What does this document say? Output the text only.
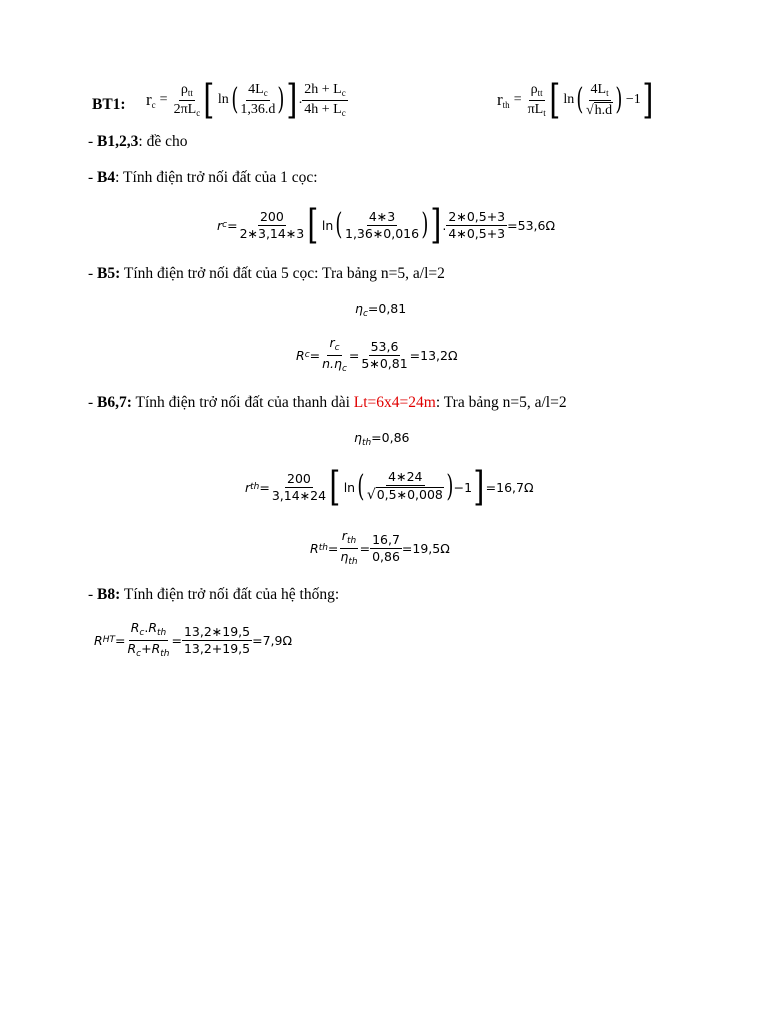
BT1: $r_c$ =
$\rho_{tt}$
$2\pi L_c$ [ ln ( $4L_c$
1,36.d ) ] .
$2h + L_c$
$4h + L_c$
$r_{th}$ =
$\rho_{tt}$
$\pi L_t$ [ ln ( $4L_t$
√h.d ) −1 ]
- B1,2,3: đề cho
- B4: Tính điện trở nối đất của 1 cọc:
r $c = \frac{200}{2∗3,14∗3}$ [ ln ( 4∗3
1,36∗0,016 ) ] . $\frac{2∗0,5+3}{4∗0,5+3} =53,6\Omega$
- B5: Tính điện trở nối đất của 5 cọc: Tra bảng n=5, a/l=2
$\eta_c=0,81$
R $c = \frac{r_c}{n.\eta_c} = \frac{53,6}{5∗0,81} =13,2\Omega$
- B6,7: Tính điện trở nối đất của thanh dài Lt=6x4=24m: Tra bảng n=5, a/l=2
$\eta_{th}=0,86$
r th = $\frac{200}{3,14∗24}$ [ ln ( 4∗24
√0,5∗0,008 ) −1 ] =16,7Ω
R th =
$r_{th}$
$\eta_{th}$
= $\frac{16,7}{0,86} =19,5\Omega$
- B8: Tính điện trở nối đất của hệ thống:
R HT =
$R_c.R_{th}$
$R_c+R_{th}$
= $\frac{13,2∗19,5}{13,2+19,5} =7,9\Omega$
